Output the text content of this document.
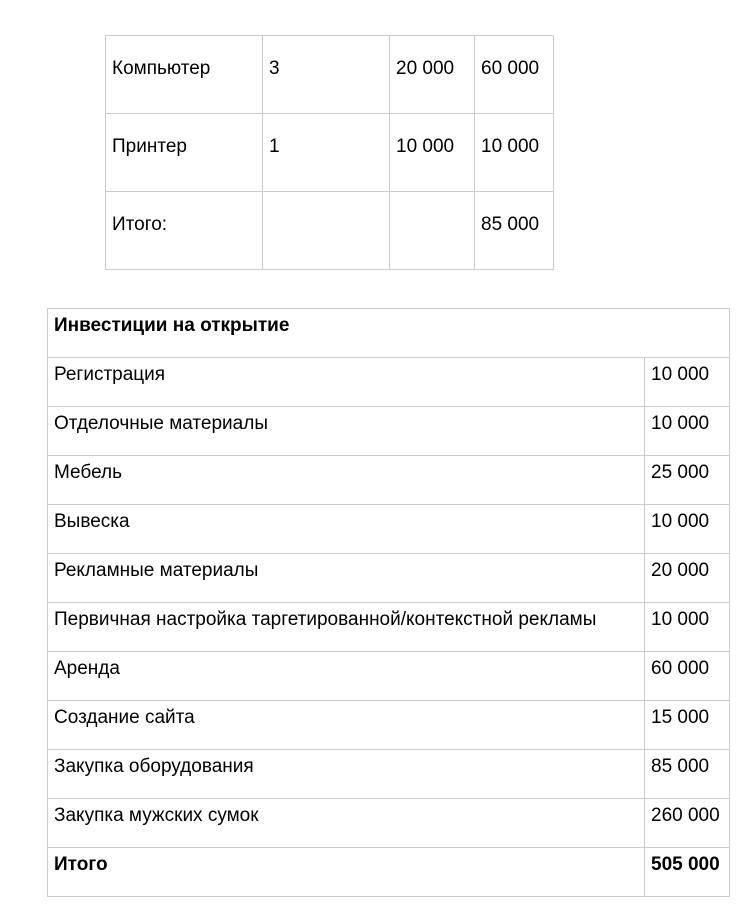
Компьютер	3	20 000	60 000
Принтер	1	10 000	10 000
Итого:			85 000
Инвестиции на открытие	
Регистрация	10 000
Отделочные материалы	10 000
Мебель	25 000
Вывеска	10 000
Рекламные материалы	20 000
Первичная настройка таргетированной/контекстной рекламы	10 000
Аренда	60 000
Создание сайта	15 000
Закупка оборудования	85 000
Закупка мужских сумок	260 000
Итого	505 000
